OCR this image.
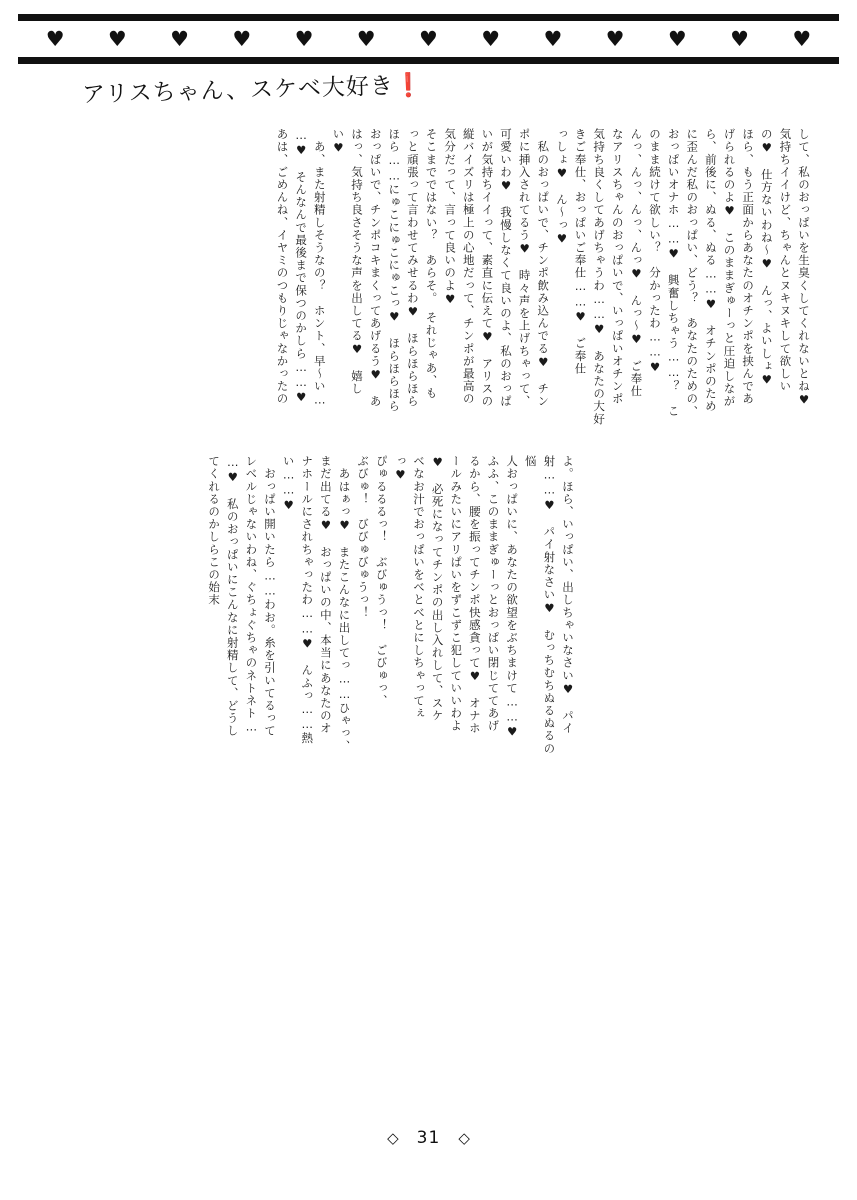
♥ ♥ ♥ ♥ ♥ ♥ ♥ ♥ ♥ ♥ ♥ ♥ ♥
アリスちゃん、スケベ大好き❗

して、私のおっぱいを生臭くしてくれないとね♥

気持ちイイけど、ちゃんとヌキヌキして欲しい

の♥　仕方ないわね〜♥　んっ、よいしょ♥

ほら、もう正面からあなたのオチンポを挟んであ

げられるのよ♥　このままぎゅーっと圧迫しなが

ら、前後に、ぬる、ぬる……♥　オチンポのため

に歪んだ私のおっぱい、どう？　あなたのための、

おっぱいオナホ……♥　興奮しちゃう……？　こ

のまま続けて欲しい？　分かったわ……♥

んっ、んっ、んっ、んっ♥　んっ〜♥　ご奉仕

なアリスちゃんのおっぱいで、いっぱいオチンポ

気持ち良くしてあげちゃうわ……♥　あなたの大好

きご奉仕、おっぱいご奉仕……♥　ご奉仕

っしょ♥　ん〜っ♥

　私のおっぱいで、チンポ飲み込んでる♥　チン

ポに挿入されてるう♥　時々声を上げちゃって、

可愛いわ♥　我慢しなくて良いのよ、私のおっぱ

いが気持ちイイって、素直に伝えて♥　アリスの

縦バイズリは極上の心地だって、チンポが最高の

気分だって、言って良いのよ♥

そこまでではない？　あらそ。　それじゃあ、も

っと頑張って言わせてみせるわ♥　ほらほらほら

ほら……にゅこにゅこにゅこっ♥　ほらほらほら

おっぱいで、チンポコキまくってあげるう♥　あ

はっ、気持ち良さそうな声を出してる♥　嬉し

い♥

　あ、また射精しそうなの？　ホント、早〜い…

…♥　そんなんで最後まで保つのかしら……♥

あは、ごめんね、イヤミのつもりじゃなかったの

よ。ほら、いっぱい、出しちゃいなさい♥　パイ

射……♥　パイ射なさい♥　むっちむちぬるぬるの悩

人おっぱいに、あなたの欲望をぶちまけて……♥

ふふ、このままぎゅーっとおっぱい閉じててあげ

るから、腰を振ってチンポ快感貪って♥　オナホ

ールみたいにアリぱいをずこずこ犯していいわよ

♥　必死になってチンポの出し入れして、スケ

ベなお汁でおっぱいをべとべとにしちゃってぇ

っ♥

ぴゅるるるっ！　ぶびゅうっ！　ごびゅっ、

ぶびゅ！　びびゅびゅうっ！

　あはぁっ♥　またこんなに出してっ……ひゃっ、

まだ出てる♥　おっぱいの中、本当にあなたのオ

ナホールにされちゃったわ……♥　んふっ……熱

い……♥

　おっぱい開いたら……わお。糸を引いてるって

レベルじゃないわね、ぐちょぐちゃのネトネト…

…♥　私のおっぱいにこんなに射精して、どうし

てくれるのかしらこの始末

◇ 31 ◇
